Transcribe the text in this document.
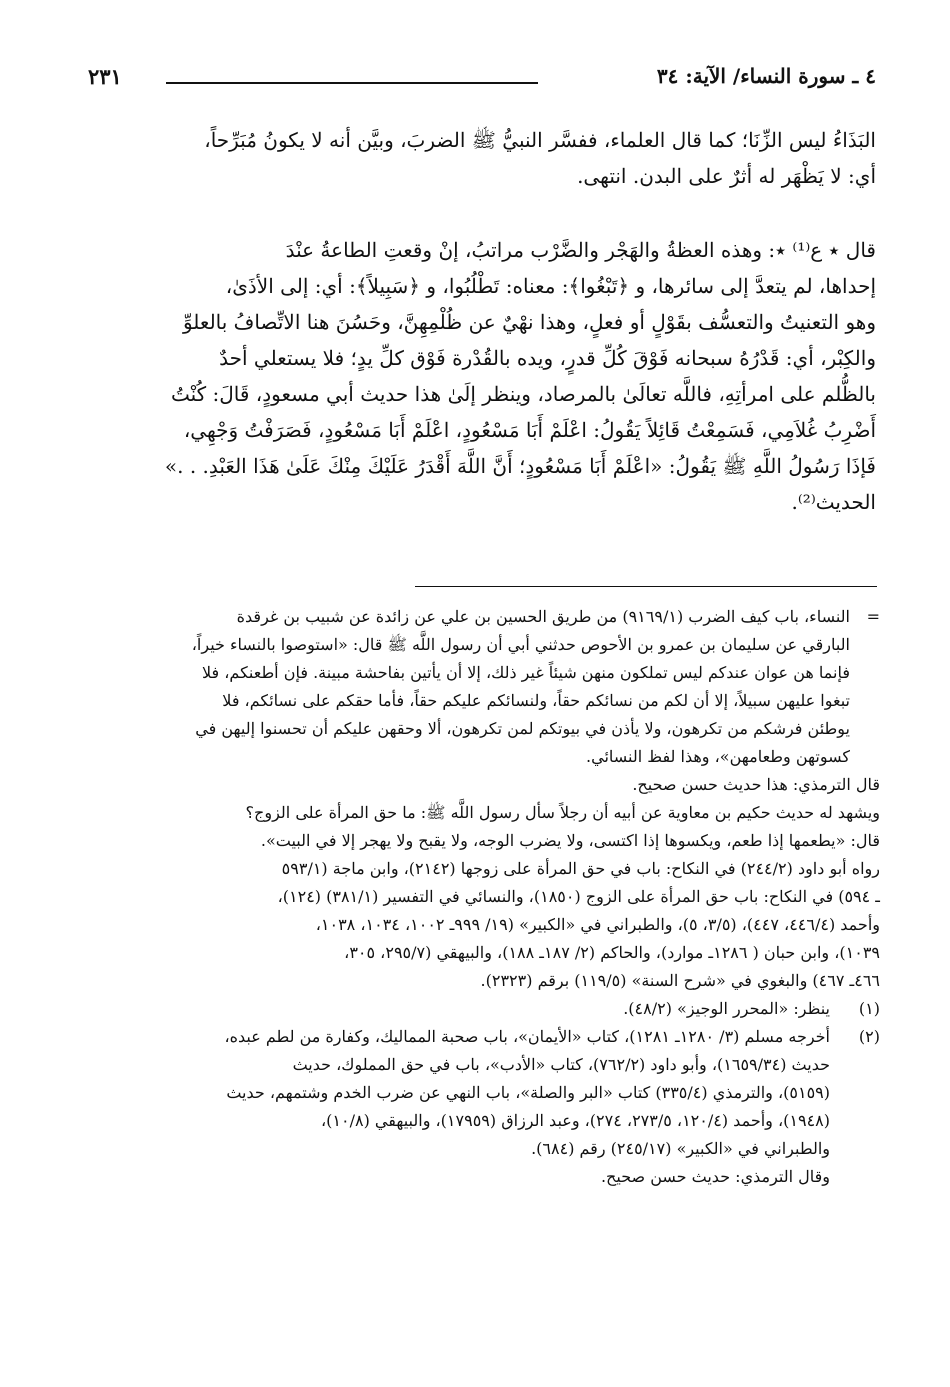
٤ ـ سورة النساء/ الآية: ٣٤
٢٣١

البَذَاءُ ليس الزِّنَا؛ كما قال العلماء، ففسَّر النبيُّ ﷺ الضربَ، وبيَّن أنه لا يكونُ مُبَرِّحاً،

أي: لا يَظْهَر له أثرٌ على البدن. انتهى.

قال ٭ ع⁽¹⁾ ٭: وهذه العظةُ والهَجْر والضَّرْب مراتبُ، إنْ وقعتِ الطاعةُ عنْدَ

إحداها، لم يتعدَّ إلى سائرها، و ﴿تَبْغُوا﴾: معناه: تَطْلُبُوا، و ﴿سَبِيلاً﴾: أي: إلى الأذَىٰ،

وهو التعنيتُ والتعسُّف بقَوْلٍ أو فعلٍ، وهذا نهْيٌ عن ظُلْمِهِنَّ، وحَسُنَ هنا الاتِّصافُ بالعلوِّ

والكِبْر، أي: قَدْرُهُ سبحانه فَوْقَ كُلِّ قدرٍ، ويده بالقُدْرة فَوْق كلِّ يدٍ؛ فلا يستعلي أحدٌ

بالظُّلم على امرأتِهِ، فاللَّه تعالَىٰ بالمرصاد، وينظر إلَىٰ هذا حديث أبي مسعودٍ، قَالَ: كُنْتُ

أَضْرِبُ غُلاَمِي، فَسَمِعْتُ قَائِلاً يَقُولُ: اعْلَمْ أَبَا مَسْعُودٍ، اعْلَمْ أَبَا مَسْعُودٍ، فَصَرَفْتُ وَجْهِي،

فَإذَا رَسُولُ اللَّهِ ﷺ يَقُولُ: «اعْلَمْ أَبَا مَسْعُودٍ؛ أَنَّ اللَّهَ أَقْدَرُ عَلَيْكَ مِنْكَ عَلَىٰ هَذَا العَبْدِ. . .»

الحديث⁽²⁾.

=

النساء، باب كيف الضرب (٩١٦٩/١) من طريق الحسين بن علي عن زائدة عن شبيب بن غرقدة

البارقي عن سليمان بن عمرو بن الأحوص حدثني أبي أن رسول اللَّه ﷺ قال: «استوصوا بالنساء خيراً،

فإنما هن عوان عندكم ليس تملكون منهن شيئاً غير ذلك، إلا أن يأتين بفاحشة مبينة. فإن أطعنكم، فلا

تبغوا عليهن سبيلاً، إلا أن لكم من نسائكم حقاً، ولنسائكم عليكم حقاً، فأما حقكم على نسائكم، فلا

يوطئن فرشكم من تكرهون، ولا يأذن في بيوتكم لمن تكرهون، ألا وحقهن عليكم أن تحسنوا إليهن في

كسوتهن وطعامهن»، وهذا لفظ النسائي.

قال الترمذي: هذا حديث حسن صحيح.

ويشهد له حديث حكيم بن معاوية عن أبيه أن رجلاً سأل رسول اللَّه ﷺ: ما حق المرأة على الزوج؟

قال: «يطعمها إذا طعم، ويكسوها إذا اكتسى، ولا يضرب الوجه، ولا يقبح ولا يهجر إلا في البيت».

رواه أبو داود (٢٤٤/٢) في النكاح: باب في حق المرأة على زوجها (٢١٤٢)، وابن ماجة (٥٩٣/١

ـ ٥٩٤) في النكاح: باب حق المرأة على الزوج (١٨٥٠)، والنسائي في التفسير (٣٨١/١) (١٢٤)،

وأحمد (٤٤٦/٤، ٤٤٧)، (٣/٥، ٥)، والطبراني في «الكبير» (١٩/ ٩٩٩ـ ١٠٠٢، ١٠٣٤، ١٠٣٨،

١٠٣٩)، وابن حبان ( ١٢٨٦ـ موارد)، والحاكم (٢/ ١٨٧ـ ١٨٨)، والبيهقي (٢٩٥/٧، ٣٠٥،

٤٦٦ـ ٤٦٧) والبغوي في «شرح السنة» (١١٩/٥) برقم (٢٣٢٣).

(١)

ينظر: «المحرر الوجيز» (٤٨/٢).

(٢)

أخرجه مسلم (٣/ ١٢٨٠ـ ١٢٨١)، كتاب «الأيمان»، باب صحبة المماليك، وكفارة من لطم عبده،

حديث (١٦٥٩/٣٤)، وأبو داود (٧٦٢/٢)، كتاب «الأدب»، باب في حق المملوك، حديث

(٥١٥٩)، والترمذي (٣٣٥/٤) كتاب «البر والصلة»، باب النهي عن ضرب الخدم وشتمهم، حديث

(١٩٤٨)، وأحمد (١٢٠/٤، ٢٧٣/٥، ٢٧٤)، وعبد الرزاق (١٧٩٥٩)، والبيهقي (١٠/٨)،

والطبراني في «الكبير» (٢٤٥/١٧) رقم (٦٨٤).

وقال الترمذي: حديث حسن صحيح.
